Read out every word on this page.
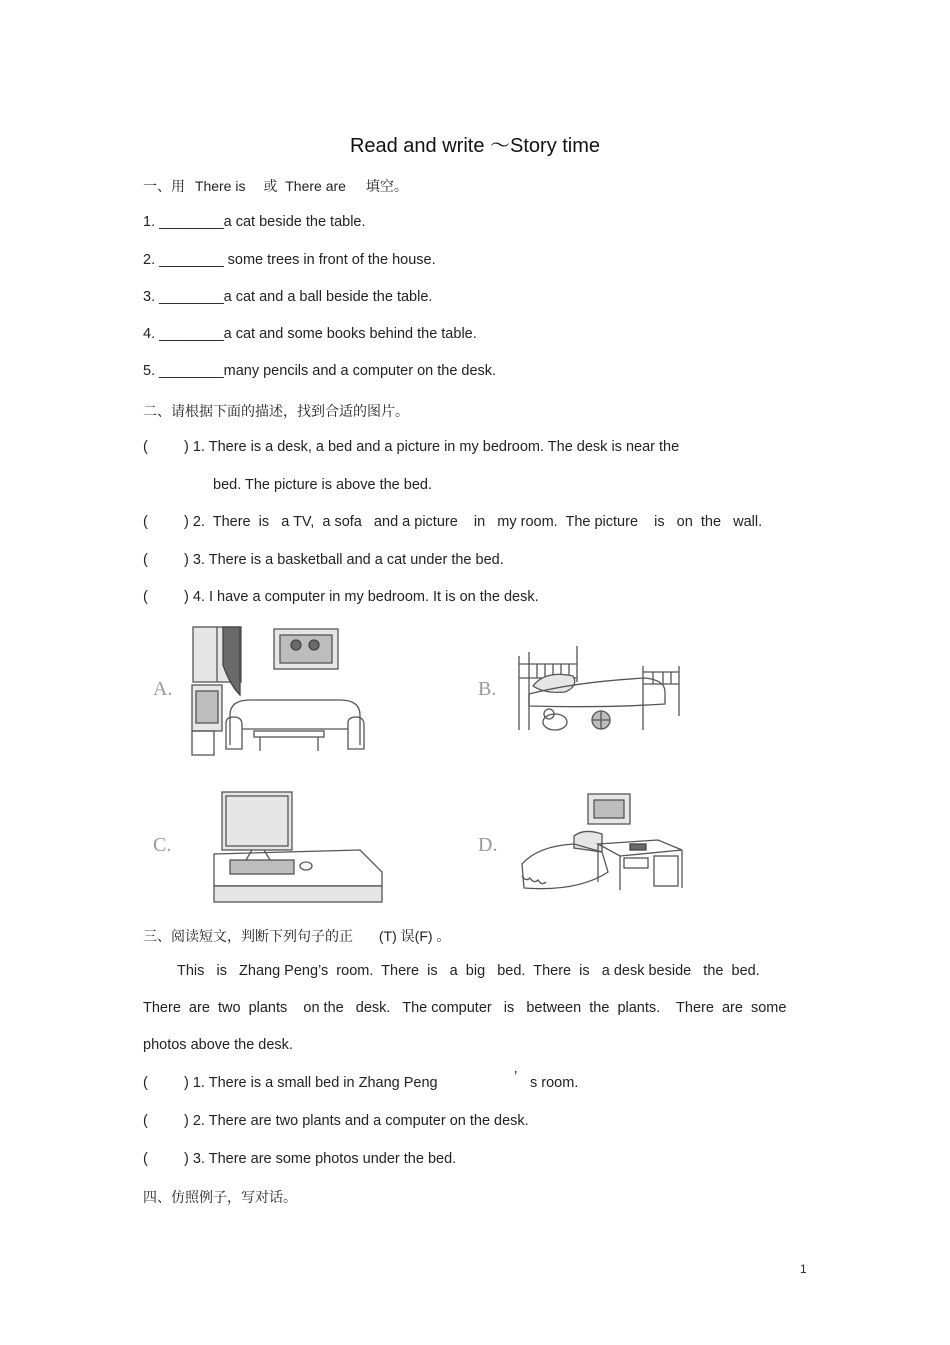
Read and write ～Story time
一、用 There is 或 There are 填空。
1. ________a cat beside the table.
2. ________ some trees in front of the house.
3. ________a cat and a ball beside the table.
4. ________a cat and some books behind the table.
5. ________many pencils and a computer on the desk.
二、请根据下面的描述，找到合适的图片。
( ) 1. There is a desk, a bed and a picture in my bedroom. The desk is near the
bed. The picture is above the bed.
( ) 2.  There  is   a TV,  a sofa   and a picture    in   my room.  The picture    is   on  the   wall.
( ) 3. There is a basketball and a cat under the bed.
( ) 4. I have a computer in my bedroom. It is on the desk.
A.	B.
C.	D.
三、阅读短文，判断下列句子的正 (T) 误(F) 。
This   is   Zhang Peng’s  room.  There  is   a  big   bed.  There  is   a desk beside   the  bed.
There  are  two  plants    on the   desk.   The computer   is   between  the  plants.    There  are  some
photos above the desk.
( ) 1. There is a small bed in Zhang Peng	’ s room.
( ) 2. There are two plants and a computer on the desk.
( ) 3. There are some photos under the bed.
四、仿照例子，写对话。
1
